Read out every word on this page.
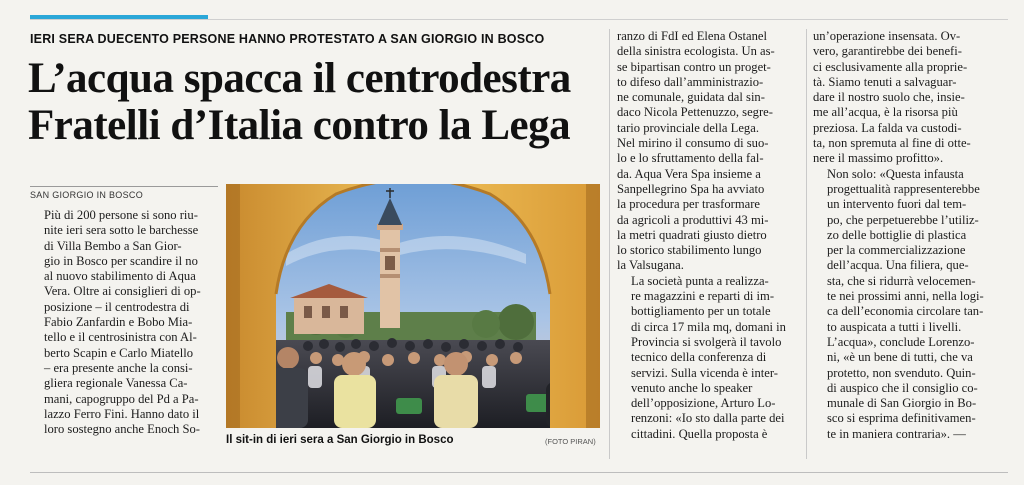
IERI SERA DUECENTO PERSONE HANNO PROTESTATO A SAN GIORGIO IN BOSCO
L’acqua spacca il centrodestra
Fratelli d’Italia contro la Lega
SAN GIORGIO IN BOSCO

Più di 200 persone si sono riu-
nite ieri sera sotto le barchesse
di Villa Bembo a San Gior-
gio in Bosco per scandire il no
al nuovo stabilimento di Aqua
Vera. Oltre ai consiglieri di op-
posizione – il centrodestra di
Fabio Zanfardin e Bobo Mia-
tello e il centrosinistra con Al-
berto Scapin e Carlo Miatello
– era presente anche la consi-
gliera regionale Vanessa Ca-
mani, capogruppo del Pd a Pa-
lazzo Ferro Fini. Hanno dato il
loro sostegno anche Enoch So-

Il sit-in di ieri sera a San Giorgio in Bosco	(FOTO PIRAN)

ranzo di FdI ed Elena Ostanel
della sinistra ecologista. Un as-
se bipartisan contro un proget-
to difeso dall’amministrazio-
ne comunale, guidata dal sin-
daco Nicola Pettenuzzo, segre-
tario provinciale della Lega.
Nel mirino il consumo di suo-
lo e lo sfruttamento della fal-
da. Aqua Vera Spa insieme a
Sanpellegrino Spa ha avviato
la procedura per trasformare
da agricoli a produttivi 43 mi-
la metri quadrati giusto dietro
lo storico stabilimento lungo
la Valsugana.

La società punta a realizza-
re magazzini e reparti di im-
bottigliamento per un totale
di circa 17 mila mq, domani in
Provincia si svolgerà il tavolo
tecnico della conferenza di
servizi. Sulla vicenda è inter-
venuto anche lo speaker
dell’opposizione, Arturo Lo-
renzoni: «Io sto dalla parte dei
cittadini. Quella proposta è

un’operazione insensata. Ov-
vero, garantirebbe dei benefi-
ci esclusivamente alla proprie-
tà. Siamo tenuti a salvaguar-
dare il nostro suolo che, insie-
me all’acqua, è la risorsa più
preziosa. La falda va custodi-
ta, non spremuta al fine di otte-
nere il massimo profitto».

Non solo: «Questa infausta
progettualità rappresenterebbe
un intervento fuori dal tem-
po, che perpetuerebbe l’utiliz-
zo delle bottiglie di plastica
per la commercializzazione
dell’acqua. Una filiera, que-
sta, che si ridurrà velocemen-
te nei prossimi anni, nella logi-
ca dell’economia circolare tan-
to auspicata a tutti i livelli.
L’acqua», conclude Lorenzo-
ni, «è un bene di tutti, che va
protetto, non svenduto. Quin-
di auspico che il consiglio co-
munale di San Giorgio in Bo-
sco si esprima definitivamen-
te in maniera contraria». —
